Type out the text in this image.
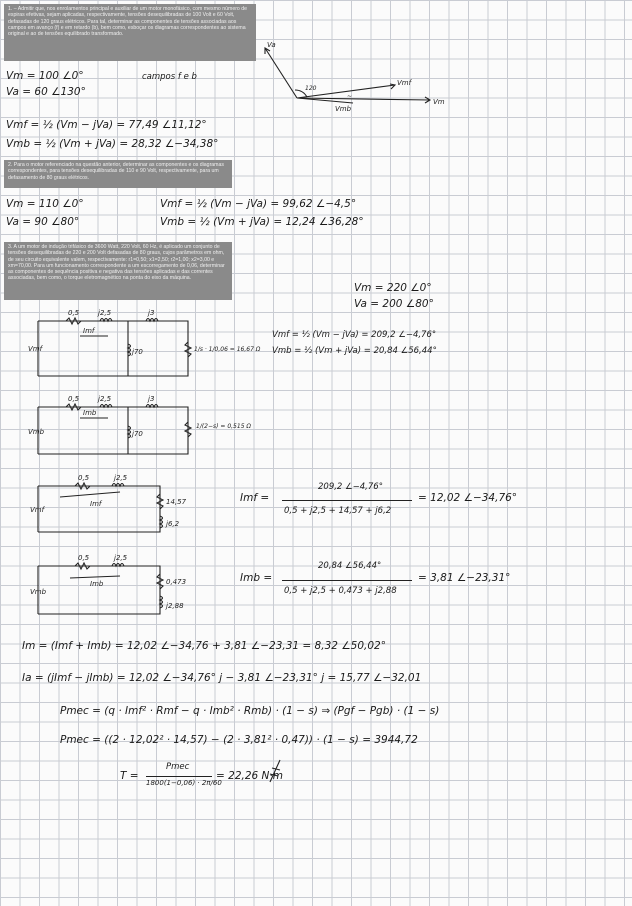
1. – Admitir que, nos enrolamentos principal e auxiliar de um motor monofásico, com mesmo número de espiras efetivas, sejam aplicadas, respectivamente, tensões desequilibradas de 100 Volt e 60 Volt, defasadas de 120 graus elétricos. Para tal, determinar as componentes de tensões associadas aos campos em avanço (f) e em retardo (b), bem como, esboçar os diagramas correspondentes ao sistema original e ao de tensões equilibrado transformado.
2. Para o motor referenciado na questão anterior, determinar as componentes e os diagramas correspondentes, para tensões desequilibradas de 110 e 90 Volt, respectivamente, para um defasamento de 80 graus elétricos.
3. A um motor de indução trifásico de 3600 Watt, 220 Volt, 60 Hz, é aplicado um conjunto de tensões desequilibradas de 220 e 200 Volt defasadas de 80 graus, cujos parâmetros em ohm, de seu circuito equivalente valem, respectivamente: r1=0,50; x1=2,50; r2=1,00; x2=3,00 e xm=70,00. Para um funcionamento correspondente a um escorregamento de 0,06, determinar as componentes de sequência positiva e negativa das tensões aplicadas e das correntes associadas, bem como, o torque eletromagnético na ponta do eixo da máquina.
Vm = 100 ∠0°
Va = 60 ∠130°
campos f e b
Vmf = ½ (Vm − jVa) = 77,49 ∠11,12°
Vmb = ½ (Vm + jVa) = 28,32 ∠−34,38°
Va
Vm
Vmf
Vmb
120
~
Vm = 110 ∠0°
Va = 90 ∠80°
Vmf = ½ (Vm − jVa) = 99,62 ∠−4,5°
Vmb = ½ (Vm + jVa) = 12,24 ∠36,28°
Vm = 220 ∠0°
Va = 200 ∠80°
Vmf = ½ (Vm − jVa) = 209,2 ∠−4,76°
Vmb = ½ (Vm + jVa) = 20,84 ∠56,44°
0,5	j2,5	j3
j70
Vmf
Imf
1/s · 1/0,06 = 16,67 Ω
0,5	j2,5	j3
j70
Vmb
Imb
1/(2−s) = 0,515 Ω
0,5	j2,5
14,57
j6,2
Vmf
Imf
0,5	j2,5
0,473
j2,88
Vmb
Imb
Imf =
209,2 ∠−4,76°
0,5 + j2,5 + 14,57 + j6,2
= 12,02 ∠−34,76°
Imb =
20,84 ∠56,44°
0,5 + j2,5 + 0,473 + j2,88
= 3,81 ∠−23,31°
Im = (Imf + Imb) = 12,02 ∠−34,76 + 3,81 ∠−23,31 = 8,32 ∠50,02°
Ia = (jImf − jImb) = 12,02 ∠−34,76° j − 3,81 ∠−23,31° j = 15,77 ∠−32,01
Pmec = (q · Imf² · Rmf − q · Imb² · Rmb) · (1 − s) ⇒ (Pgf − Pgb) · (1 − s)
Pmec = ((2 · 12,02² · 14,57) − (2 · 3,81² · 0,47)) · (1 − s) = 3944,72
T =
Pmec
1800(1−0,06) · 2π/60
= 22,26 N·m
